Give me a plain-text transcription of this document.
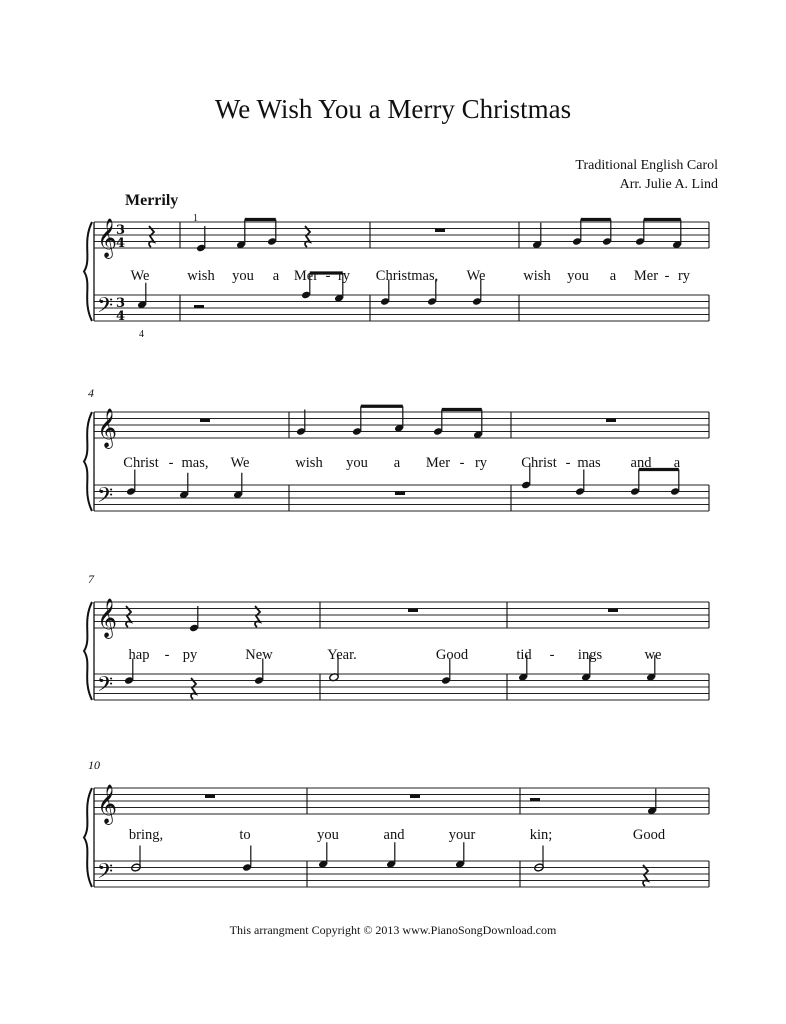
We Wish You a Merry Christmas
Traditional English Carol
Arr. Julie A. Lind
Merrily
𝄞
𝄢
3
4
3
4
𝄞
𝄢
𝄞
𝄢
𝄞
𝄢
4
7
10
1
4
We	wish you a Mer - ry Christmas, We	wish you a Mer - ry
Christ - mas, We	wish you a Mer - ry Christ - mas and a
hap - py	New	Year.	Good	tid - ings	we
bring,	to	you	and	your	kin;	Good
This arrangment Copyright © 2013 www.PianoSongDownload.com
